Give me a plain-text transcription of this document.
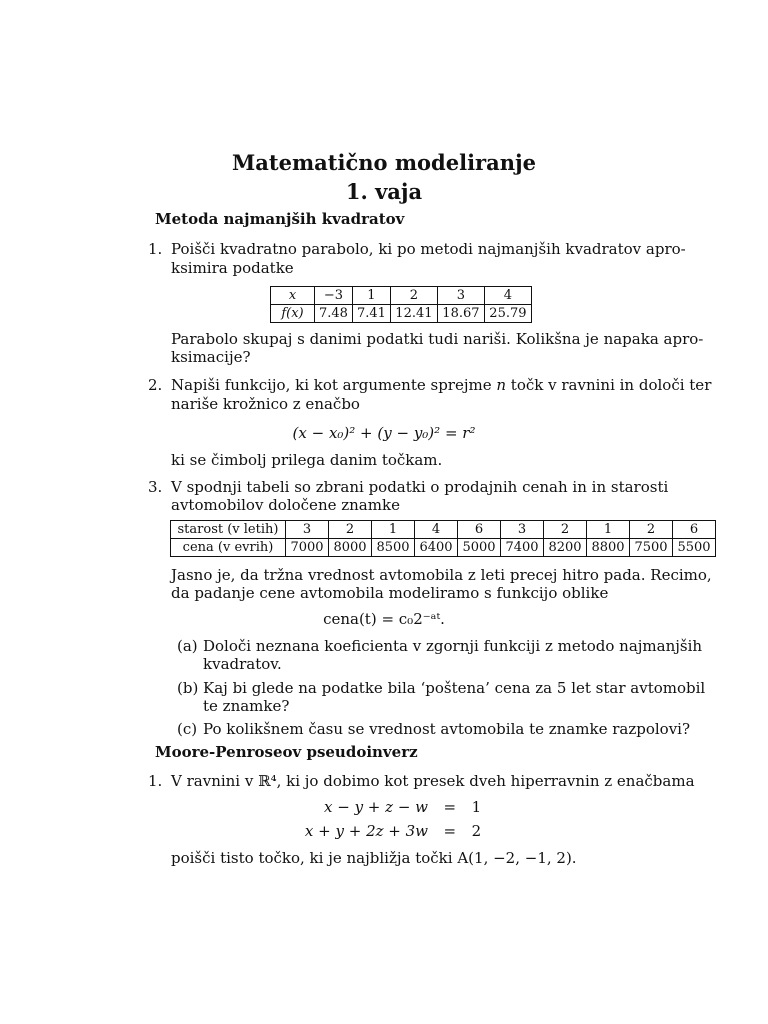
Matematično modeliranje
1. vaja
Metoda najmanjših kvadratov
1. Poišči kvadratno parabolo, ki po metodi najmanjših kvadratov apro-
ksimira podatke
x	−3	1	2	3	4
f(x)	7.48	7.41	12.41	18.67	25.79
Parabolo skupaj s danimi podatki tudi nariši. Kolikšna je napaka apro-
ksimacije?
2. Napiši funkcijo, ki kot argumente sprejme n točk v ravnini in določi ter
nariše krožnico z enačbo
(x − x₀)² + (y − y₀)² = r²
ki se čimbolj prilega danim točkam.
3. V spodnji tabeli so zbrani podatki o prodajnih cenah in in starosti
avtomobilov določene znamke
starost (v letih)	3	2	1	4	6	3	2	1	2	6
cena (v evrih)	7000	8000	8500	6400	5000	7400	8200	8800	7500	5500
Jasno je, da tržna vrednost avtomobila z leti precej hitro pada. Recimo,
da padanje cene avtomobila modeliramo s funkcijo oblike
cena(t) = c₀2⁻ᵃᵗ.
(a) Določi neznana koeficienta v zgornji funkciji z metodo najmanjših
kvadratov.
(b) Kaj bi glede na podatke bila ‘poštena’ cena za 5 let star avtomobil
te znamke?
(c) Po kolikšnem času se vrednost avtomobila te znamke razpolovi?
Moore-Penroseov pseudoinverz
1. V ravnini v ℝ⁴, ki jo dobimo kot presek dveh hiperravnin z enačbama
x − y + z − w = 1
x + y + 2z + 3w = 2
poišči tisto točko, ki je najbližja točki A(1, −2, −1, 2).
